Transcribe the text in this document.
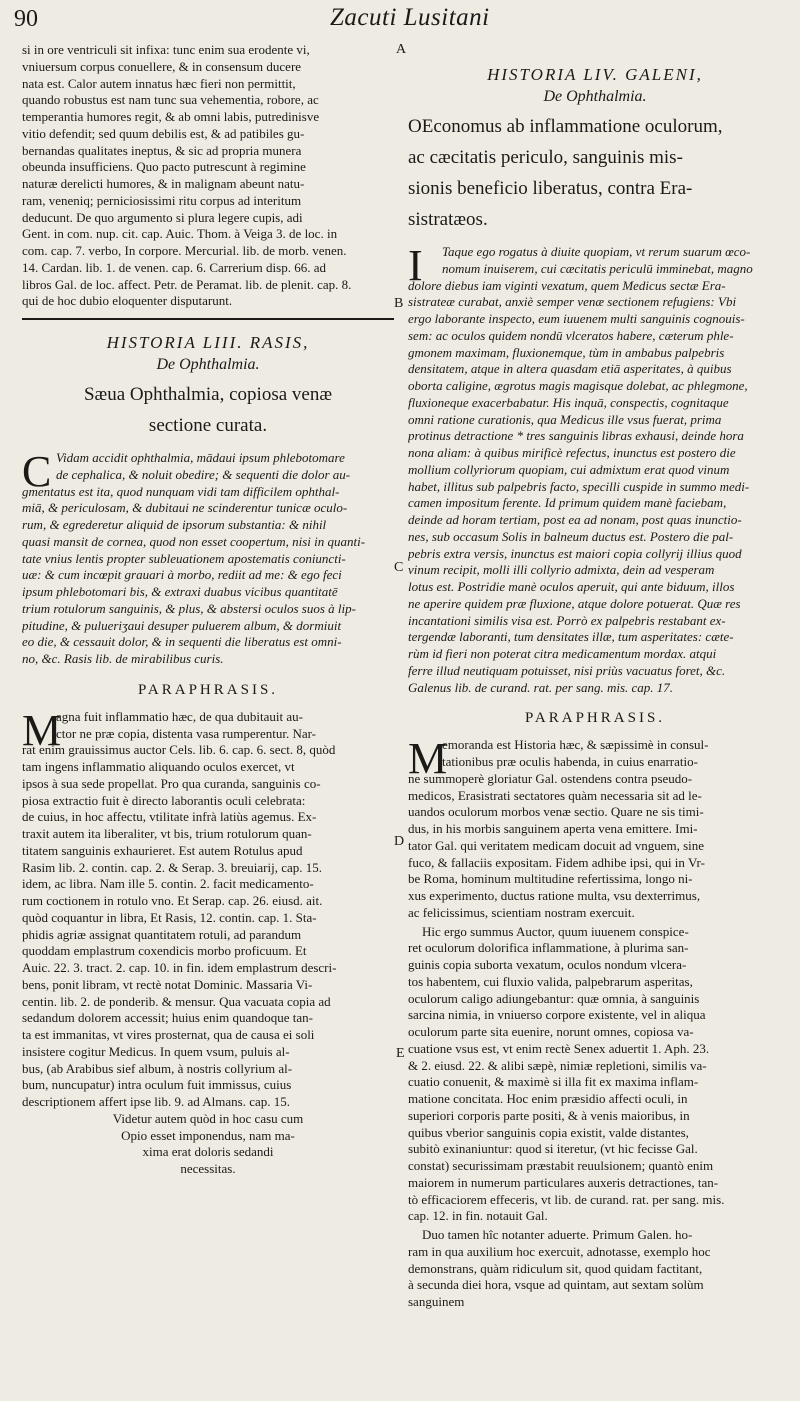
90	Zacuti Lusitani
A
B
C
D
E
si in ore ventriculi sit infixa: tunc enim sua erodente vi,
vniuersum corpus conuellere, & in consensum ducere
nata est. Calor autem innatus hæc fieri non permittit,
quando robustus est nam tunc sua vehementia, robore, ac
temperantia humores regit, & ab omni labis, putredinisve
vitio defendit; sed quum debilis est, & ad patibiles gu-
bernandas qualitates ineptus, & sic ad propria munera
obeunda insufficiens. Quo pacto putrescunt à regimine
naturæ derelicti humores, & in malignam abeunt natu-
ram, veneniq; perniciosissimi ritu corpus ad interitum
deducunt. De quo argumento si plura legere cupis, adi
Gent. in com. nup. cit. cap. Auic. Thom. à Veiga 3. de loc. in
com. cap. 7. verbo, In corpore. Mercurial. lib. de morb. venen.
14. Cardan. lib. 1. de venen. cap. 6. Carrerium disp. 66. ad
libros Gal. de loc. affect. Petr. de Peramat. lib. de plenit. cap. 8.
qui de hoc dubio eloquenter disputarunt.
HISTORIA LIII. RASIS,
De Ophthalmia.
Sæua Ophthalmia, copiosa venæ
sectione curata.
C Vidam accidit ophthalmia, mādaui ipsum phlebotomare
de cephalica, & noluit obedire; & sequenti die dolor au-
gmentatus est ita, quod nunquam vidi tam difficilem ophthal-
miā, & periculosam, & dubitaui ne scinderentur tunicæ oculo-
rum, & egrederetur aliquid de ipsorum substantia: & nihil
quasi mansit de cornea, quod non esset coopertum, nisi in quanti-
tate vnius lentis propter subleuationem apostematis coniuncti-
uæ: & cum incœpit grauari à morbo, rediit ad me: & ego feci
ipsum phlebotomari bis, & extraxi duabus vicibus quantitatē
trium rotulorum sanguinis, & plus, & abstersi oculos suos à lip-
pitudine, & pulueriʒaui desuper puluerem album, & dormiuit
eo die, & cessauit dolor, & in sequenti die liberatus est omni-
no, &c. Rasis lib. de mirabilibus curis.
PARAPHRASIS.
M
agna fuit inflammatio hæc, de qua dubitauit au-
ctor ne præ copia, distenta vasa rumperentur. Nar-
rat enim grauissimus auctor Cels. lib. 6. cap. 6. sect. 8, quòd
tam ingens inflammatio aliquando oculos exercet, vt
ipsos à sua sede propellat. Pro qua curanda, sanguinis co-
piosa extractio fuit è directo laborantis oculi celebrata:
de cuius, in hoc affectu, vtilitate infrà latiùs agemus. Ex-
traxit autem ita liberaliter, vt bis, trium rotulorum quan-
titatem sanguinis exhaurieret. Est autem Rotulus apud
Rasim lib. 2. contin. cap. 2. & Serap. 3. breuiarij, cap. 15.
idem, ac libra. Nam ille 5. contin. 2. facit medicamento-
rum coctionem in rotulo vno. Et Serap. cap. 26. eiusd. ait.
quòd coquantur in libra, Et Rasis, 12. contin. cap. 1. Sta-
phidis agriæ assignat quantitatem rotuli, ad parandum
quoddam emplastrum coxendicis morbo proficuum. Et
Auic. 22. 3. tract. 2. cap. 10. in fin. idem emplastrum descri-
bens, ponit libram, vt rectè notat Dominic. Massaria Vi-
centin. lib. 2. de ponderib. & mensur. Qua vacuata copia ad
sedandum dolorem accessit; huius enim quandoque tan-
ta est immanitas, vt vires prosternat, qua de causa ei soli
insistere cogitur Medicus. In quem vsum, puluis al-
bus, (ab Arabibus sief album, à nostris collyrium al-
bum, nuncupatur) intra oculum fuit immissus, cuius
descriptionem affert ipse lib. 9. ad Almans. cap. 15.
Videtur autem quòd in hoc casu cum
Opio esset imponendus, nam ma-
xima erat doloris sedandi
necessitas.
HISTORIA LIV. GALENI,
De Ophthalmia.
OEconomus ab inflammatione oculorum,
ac cæcitatis periculo, sanguinis mis-
sionis beneficio liberatus, contra Era-
sistratæos.
I	Taque ego rogatus à diuite quopiam, vt rerum suarum œco-
nomum inuiserem, cui cæcitatis periculū imminebat, magno
dolore diebus iam viginti vexatum, quem Medicus sectæ Era-
sistrateæ curabat, anxiè semper venæ sectionem refugiens: Vbi
ergo laborante inspecto, eum iuuenem multi sanguinis cognouis-
sem: ac oculos quidem nondū vlceratos habere, cæterum phle-
gmonem maximam, fluxionemque, tùm in ambabus palpebris
densitatem, atque in altera quasdam etiā asperitates, à quibus
oborta caligine, ægrotus magis magisque dolebat, ac phlegmone,
fluxioneque exacerbabatur. His inquā, conspectis, cognitaque
omni ratione curationis, qua Medicus ille vsus fuerat, prima
protinus detractione * tres sanguinis libras exhausi, deinde hora
nona aliam: à quibus mirificè refectus, inunctus est postero die
mollium collyriorum quopiam, cui admixtum erat quod vinum
habet, illitus sub palpebris facto, specilli cuspide in summo medi-
camen impositum ferente. Id primum quidem manè faciebam,
deinde ad horam tertiam, post ea ad nonam, post quas inunctio-
nes, sub occasum Solis in balneum ductus est. Postero die pal-
pebris extra versis, inunctus est maiori copia collyrij illius quod
vinum recipit, molli illi collyrio admixta, dein ad vesperam
lotus est. Postridie manè oculos aperuit, qui ante biduum, illos
ne aperire quidem præ fluxione, atque dolore potuerat. Quæ res
incantationi similis visa est. Porrò ex palpebris restabant ex-
tergendæ laboranti, tum densitates illæ, tum asperitates: cæte-
rùm id fieri non poterat citra medicamentum mordax. atqui
ferre illud neutiquam potuisset, nisi priùs vacuatus foret, &c.
Galenus lib. de curand. rat. per sang. mis. cap. 17.
PARAPHRASIS.
M
emoranda est Historia hæc, & sæpissimè in consul-
tationibus præ oculis habenda, in cuius enarratio-
ne summoperè gloriatur Gal. ostendens contra pseudo-
medicos, Erasistrati sectatores quàm necessaria sit ad le-
uandos oculorum morbos venæ sectio. Quare ne sis timi-
dus, in his morbis sanguinem aperta vena emittere. Imi-
tator Gal. qui veritatem medicam docuit ad vnguem, sine
fuco, & fallaciis expositam. Fidem adhibe ipsi, qui in Vr-
be Roma, hominum multitudine refertissima, longo ni-
xus experimento, ductus ratione multa, vsu dexterrimus,
ac felicissimus, scientiam nostram exercuit.
Hic ergo summus Auctor, quum iuuenem conspice-
ret oculorum dolorifica inflammatione, à plurima san-
guinis copia suborta vexatum, oculos nondum vlcera-
tos habentem, cui fluxio valida, palpebrarum asperitas,
oculorum caligo adiungebantur: quæ omnia, à sanguinis
sarcina nimia, in vniuerso corpore existente, vel in aliqua
oculorum parte sita euenire, norunt omnes, copiosa va-
cuatione vsus est, vt enim rectè Senex aduertit 1. Aph. 23.
& 2. eiusd. 22. & alibi sæpè, nimiæ repletioni, similis va-
cuatio conuenit, & maximè si illa fit ex maxima inflam-
matione concitata. Hoc enim præsidio affecti oculi, in
superiori corporis parte positi, & à venis maioribus, in
quibus vberior sanguinis copia existit, valde distantes,
subitò exinaniuntur: quod si iteretur, (vt hic fecisse Gal.
constat) securissimam præstabit reuulsionem; quantò enim
maiorem in numerum particulares auxeris detractiones, tan-
tò efficaciorem effeceris, vt lib. de curand. rat. per sang. mis.
cap. 12. in fin. notauit Gal.
Duo tamen hîc notanter aduerte. Primum Galen. ho-
ram in qua auxilium hoc exercuit, adnotasse, exemplo hoc
demonstrans, quàm ridiculum sit, quod quidam factitant,
à secunda diei hora, vsque ad quintam, aut sextam solùm
sanguinem
